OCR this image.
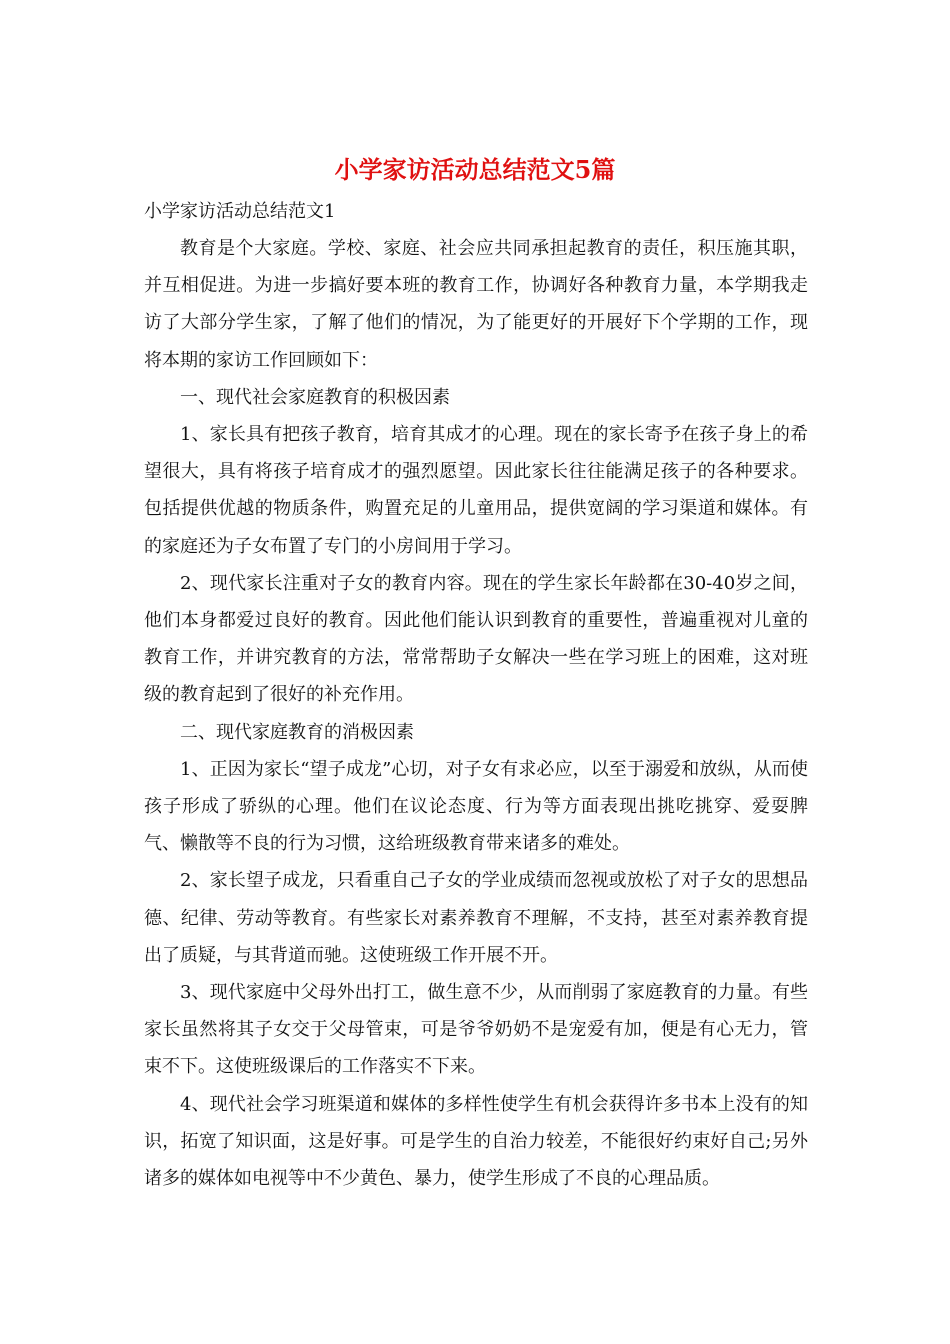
小学家访活动总结范文5篇

小学家访活动总结范文1

教育是个大家庭。学校、家庭、社会应共同承担起教育的责任，积压施其职，并互相促进。为进一步搞好要本班的教育工作，协调好各种教育力量，本学期我走访了大部分学生家，了解了他们的情况，为了能更好的开展好下个学期的工作，现将本期的家访工作回顾如下：

一、现代社会家庭教育的积极因素

1、家长具有把孩子教育，培育其成才的心理。现在的家长寄予在孩子身上的希望很大，具有将孩子培育成才的强烈愿望。因此家长往往能满足孩子的各种要求。包括提供优越的物质条件，购置充足的儿童用品，提供宽阔的学习渠道和媒体。有的家庭还为子女布置了专门的小房间用于学习。

2、现代家长注重对子女的教育内容。现在的学生家长年龄都在30-40岁之间，他们本身都爱过良好的教育。因此他们能认识到教育的重要性，普遍重视对儿童的教育工作，并讲究教育的方法，常常帮助子女解决一些在学习班上的困难，这对班级的教育起到了很好的补充作用。

二、现代家庭教育的消极因素

1、正因为家长“望子成龙”心切，对子女有求必应，以至于溺爱和放纵，从而使孩子形成了骄纵的心理。他们在议论态度、行为等方面表现出挑吃挑穿、爱耍脾气、懒散等不良的行为习惯，这给班级教育带来诸多的难处。

2、家长望子成龙，只看重自己子女的学业成绩而忽视或放松了对子女的思想品德、纪律、劳动等教育。有些家长对素养教育不理解，不支持，甚至对素养教育提出了质疑，与其背道而驰。这使班级工作开展不开。

3、现代家庭中父母外出打工，做生意不少，从而削弱了家庭教育的力量。有些家长虽然将其子女交于父母管束，可是爷爷奶奶不是宠爱有加，便是有心无力，管束不下。这使班级课后的工作落实不下来。

4、现代社会学习班渠道和媒体的多样性使学生有机会获得许多书本上没有的知识，拓宽了知识面，这是好事。可是学生的自治力较差，不能很好约束好自己;另外诸多的媒体如电视等中不少黄色、暴力，使学生形成了不良的心理品质。
